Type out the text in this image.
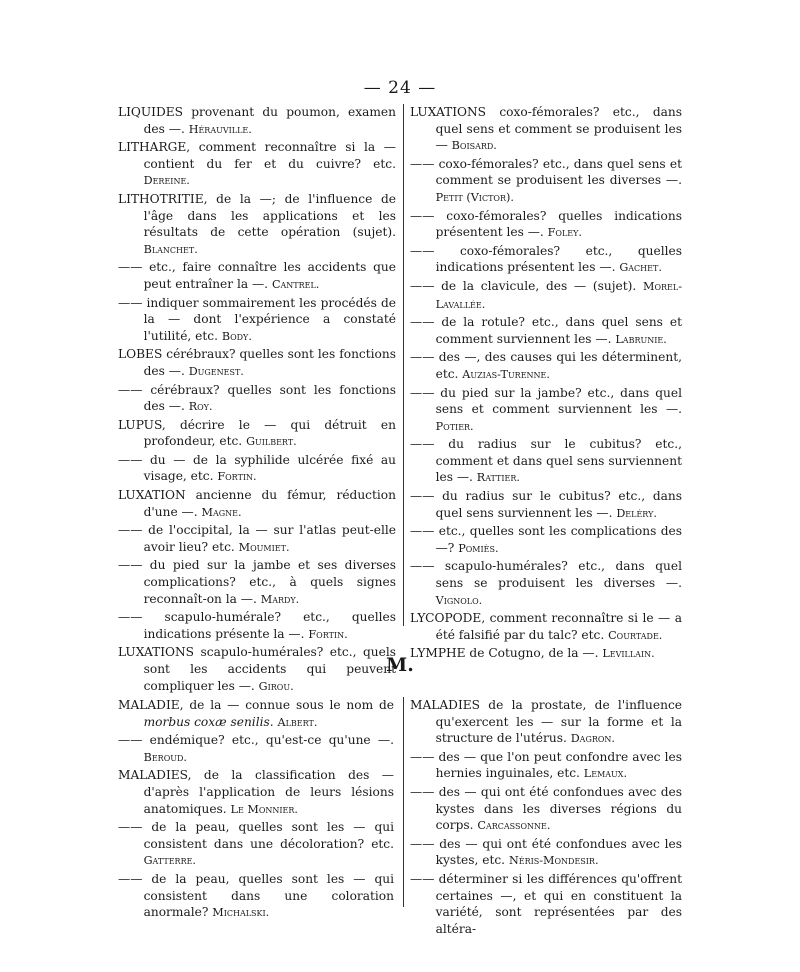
— 24 —

LIQUIDES provenant du poumon, examen des —. Hérauville.

LITHARGE, comment reconnaître si la — contient du fer et du cuivre? etc. Dereine.

LITHOTRITIE, de la —; de l'influence de l'âge dans les applications et les résultats de cette opération (sujet). Blanchet.

—— etc., faire connaître les accidents que peut entraîner la —. Cantrel.

—— indiquer sommairement les procédés de la — dont l'expérience a constaté l'utilité, etc. Body.

LOBES cérébraux? quelles sont les fonctions des —. Dugenest.

—— cérébraux? quelles sont les fonctions des —. Roy.

LUPUS, décrire le — qui détruit en profondeur, etc. Guilbert.

—— du — de la syphilide ulcérée fixé au visage, etc. Fortin.

LUXATION ancienne du fémur, réduction d'une —. Magne.

—— de l'occipital, la — sur l'atlas peut-elle avoir lieu? etc. Moumiet.

—— du pied sur la jambe et ses diverses complications? etc., à quels signes reconnaît-on la —. Mardy.

—— scapulo-humérale? etc., quelles indications présente la —. Fortin.

LUXATIONS scapulo-humérales? etc., quels sont les accidents qui peuvent compliquer les —. Girou.

LUXATIONS coxo-fémorales? etc., dans quel sens et comment se produisent les — Boisard.

—— coxo-fémorales? etc., dans quel sens et comment se produisent les diverses —. Petit (Victor).

—— coxo-fémorales? quelles indications présentent les —. Foley.

—— coxo-fémorales? etc., quelles indications présentent les —. Gachet.

—— de la clavicule, des — (sujet). Morel-Lavallée.

—— de la rotule? etc., dans quel sens et comment surviennent les —. Labrunie.

—— des —, des causes qui les déterminent, etc. Auzias-Turenne.

—— du pied sur la jambe? etc., dans quel sens et comment surviennent les —. Potier.

—— du radius sur le cubitus? etc., comment et dans quel sens surviennent les —. Rattier.

—— du radius sur le cubitus? etc., dans quel sens surviennent les —. Deléry.

—— etc., quelles sont les complications des —? Pomiès.

—— scapulo-humérales? etc., dans quel sens se produisent les diverses —. Vignolo.

LYCOPODE, comment reconnaître si le — a été falsifié par du talc? etc. Courtade.

LYMPHE de Cotugno, de la —. Levillain.

M.

MALADIE, de la — connue sous le nom de morbus coxæ senilis. Albert.

—— endémique? etc., qu'est-ce qu'une —. Beroud.

MALADIES, de la classification des — d'après l'application de leurs lésions anatomiques. Le Monnier.

—— de la peau, quelles sont les — qui consistent dans une décoloration? etc. Gatterre.

—— de la peau, quelles sont les — qui consistent dans une coloration anormale? Michalski.

MALADIES de la prostate, de l'influence qu'exercent les — sur la forme et la structure de l'utérus. Dagron.

—— des — que l'on peut confondre avec les hernies inguinales, etc. Lemaux.

—— des — qui ont été confondues avec des kystes dans les diverses régions du corps. Carcassonne.

—— des — qui ont été confondues avec les kystes, etc. Néris-Mondesir.

—— déterminer si les différences qu'offrent certaines —, et qui en constituent la variété, sont représentées par des altéra-
